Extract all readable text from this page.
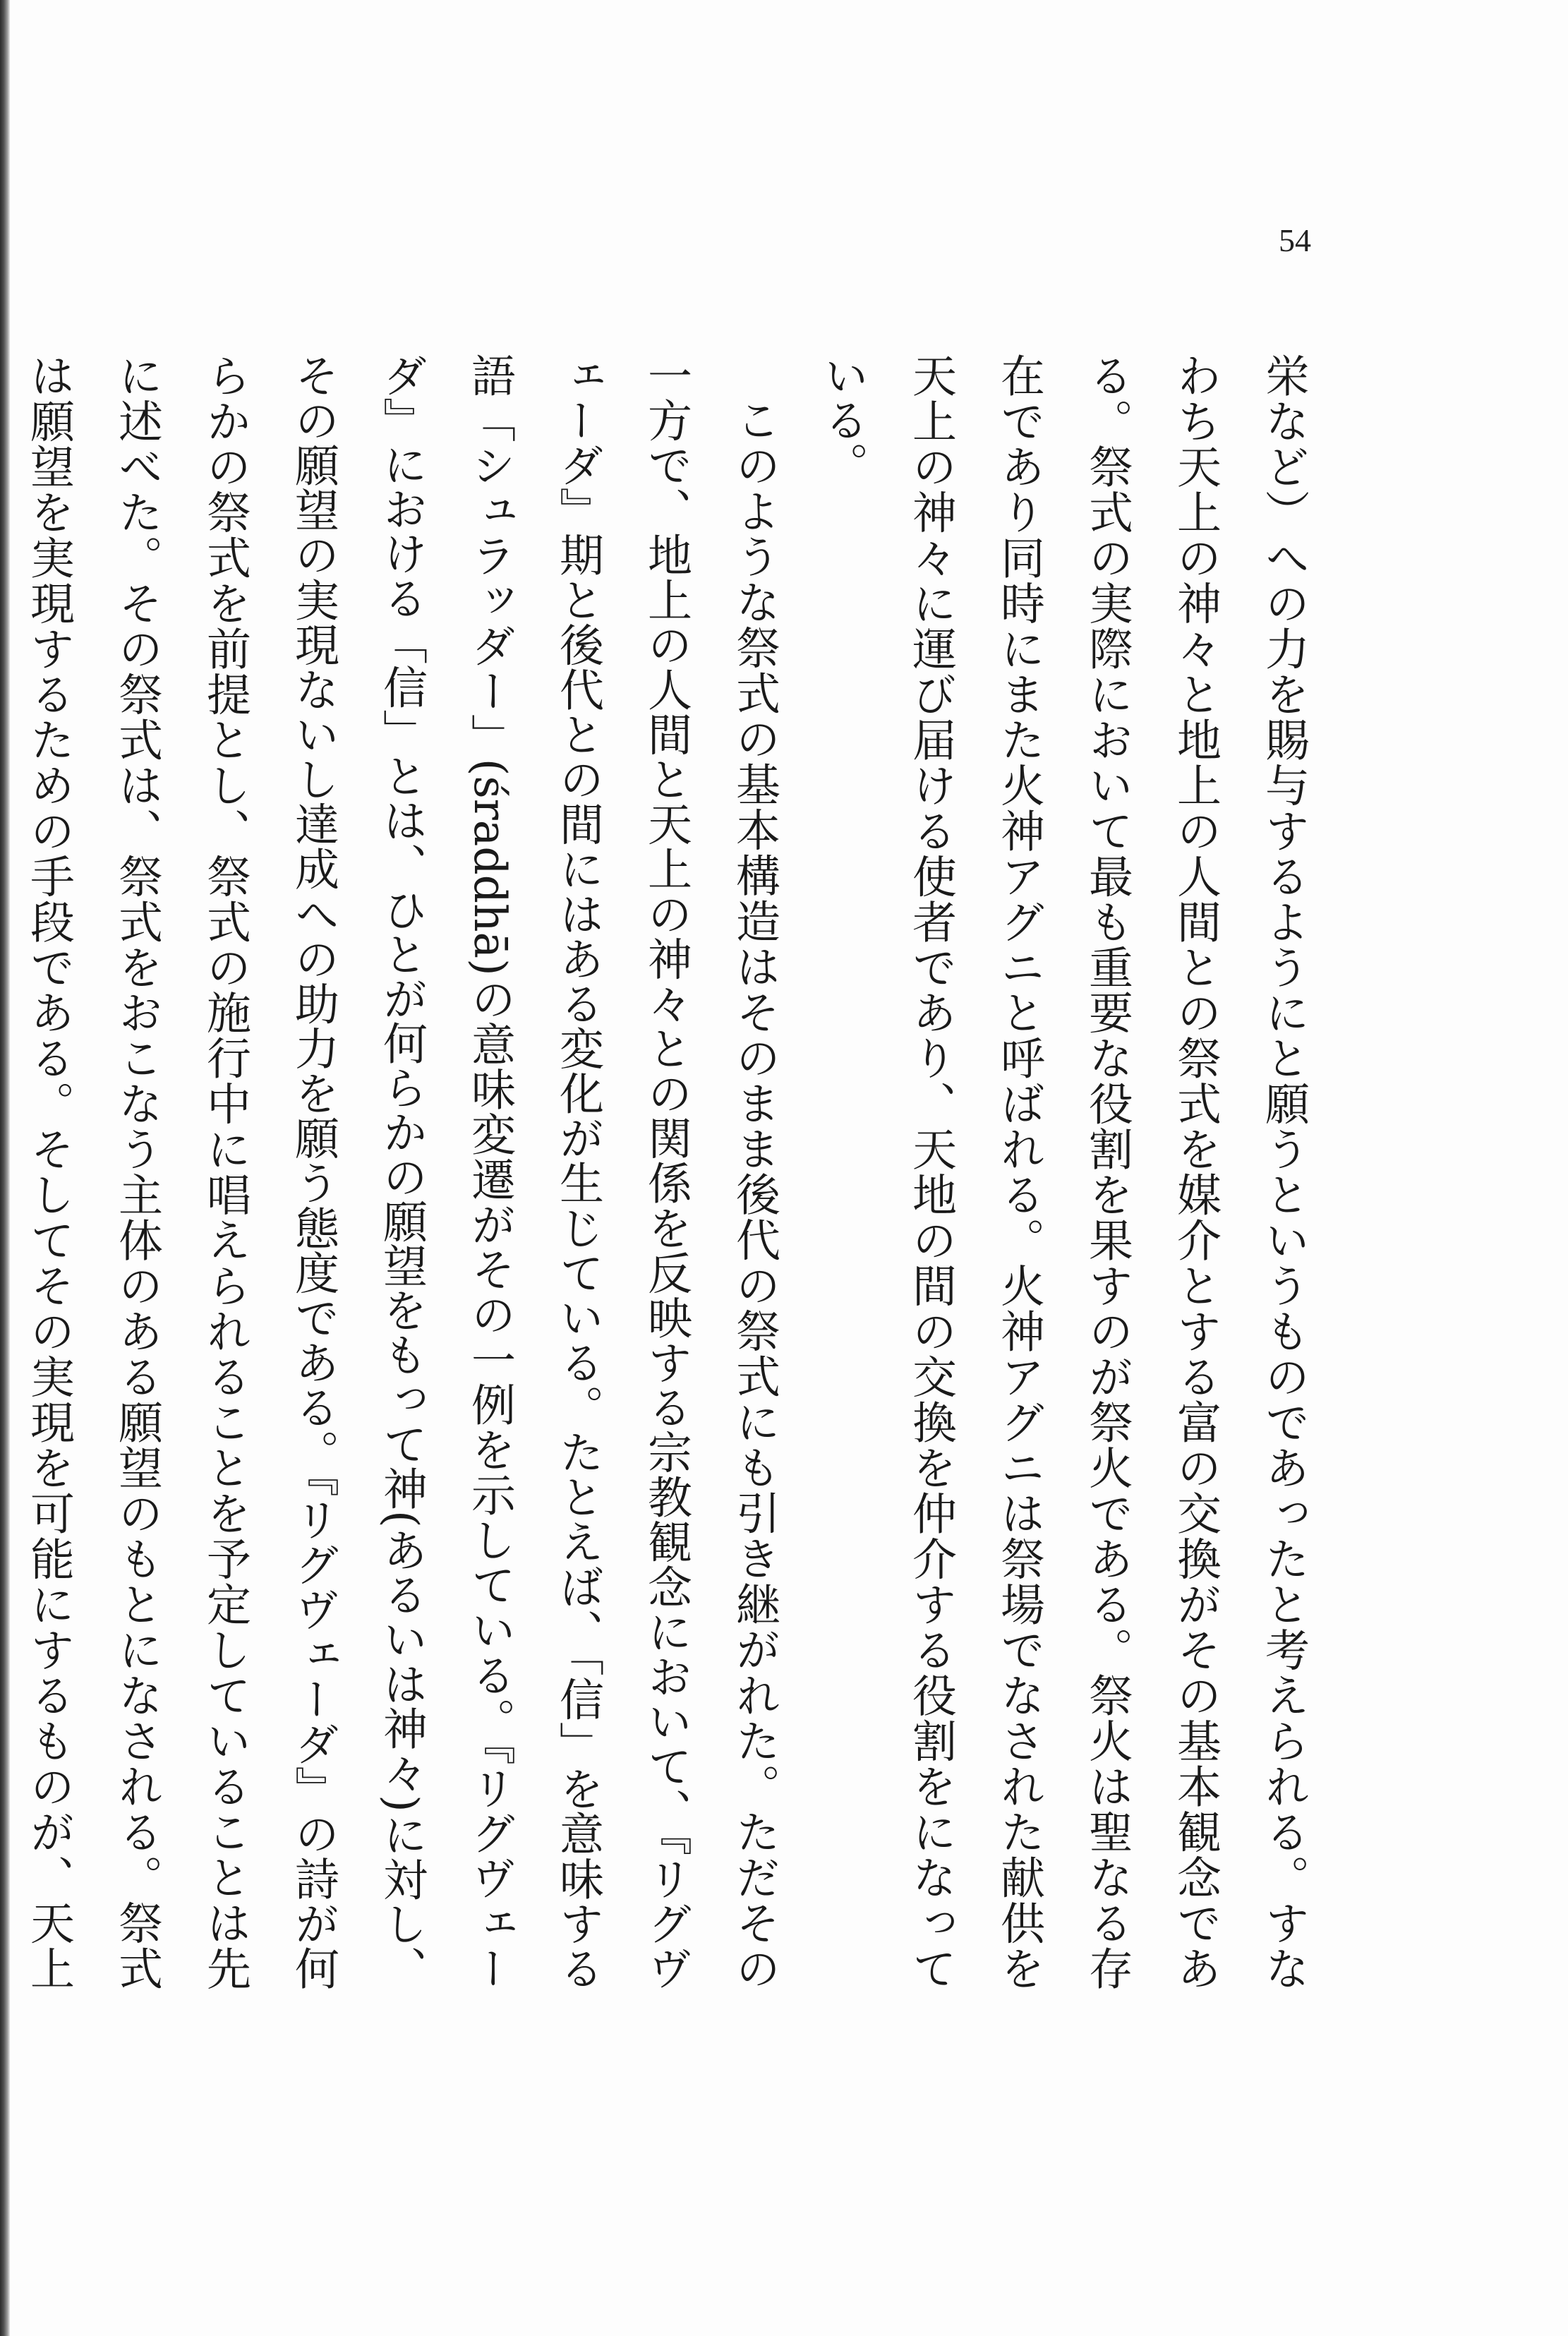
54

栄など）への力を賜与するようにと願うというものであったと考えられる。すなわち天上の神々と地上の人間との祭式を媒介とする富の交換がその基本観念である。祭式の実際において最も重要な役割を果すのが祭火である。祭火は聖なる存在であり同時にまた火神アグニと呼ばれる。火神アグニは祭場でなされた献供を天上の神々に運び届ける使者であり、天地の間の交換を仲介する役割をになっている。

このような祭式の基本構造はそのまま後代の祭式にも引き継がれた。ただその一方で、地上の人間と天上の神々との関係を反映する宗教観念において、『リグヴェーダ』期と後代との間にはある変化が生じている。たとえば、「信」を意味する語「シュラッダー」(śraddhā)の意味変遷がその一例を示している。『リグヴェーダ』における「信」とは、ひとが何らかの願望をもって神(あるいは神々)に対し、その願望の実現ないし達成への助力を願う態度である。『リグヴェーダ』の詩が何らかの祭式を前提とし、祭式の施行中に唱えられることを予定していることは先に述べた。その祭式は、祭式をおこなう主体のある願望のもとになされる。祭式は願望を実現するための手段である。そしてその実現を可能にするものが、天上
